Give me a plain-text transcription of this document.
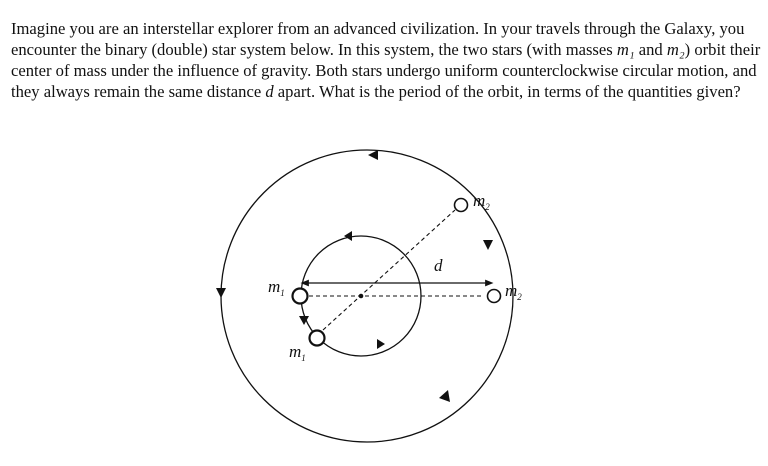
Imagine you are an interstellar explorer from an advanced civilization. In your travels through the Galaxy, you encounter the binary (double) star system below. In this system, the two stars (with masses m₁ and m₂) orbit their center of mass under the influence of gravity. Both stars undergo uniform counterclockwise circular motion, and they always remain the same distance d apart. What is the period of the orbit, in terms of the quantities given?
$m_1$
$m_1$
$m_2$
$m_2$
d
